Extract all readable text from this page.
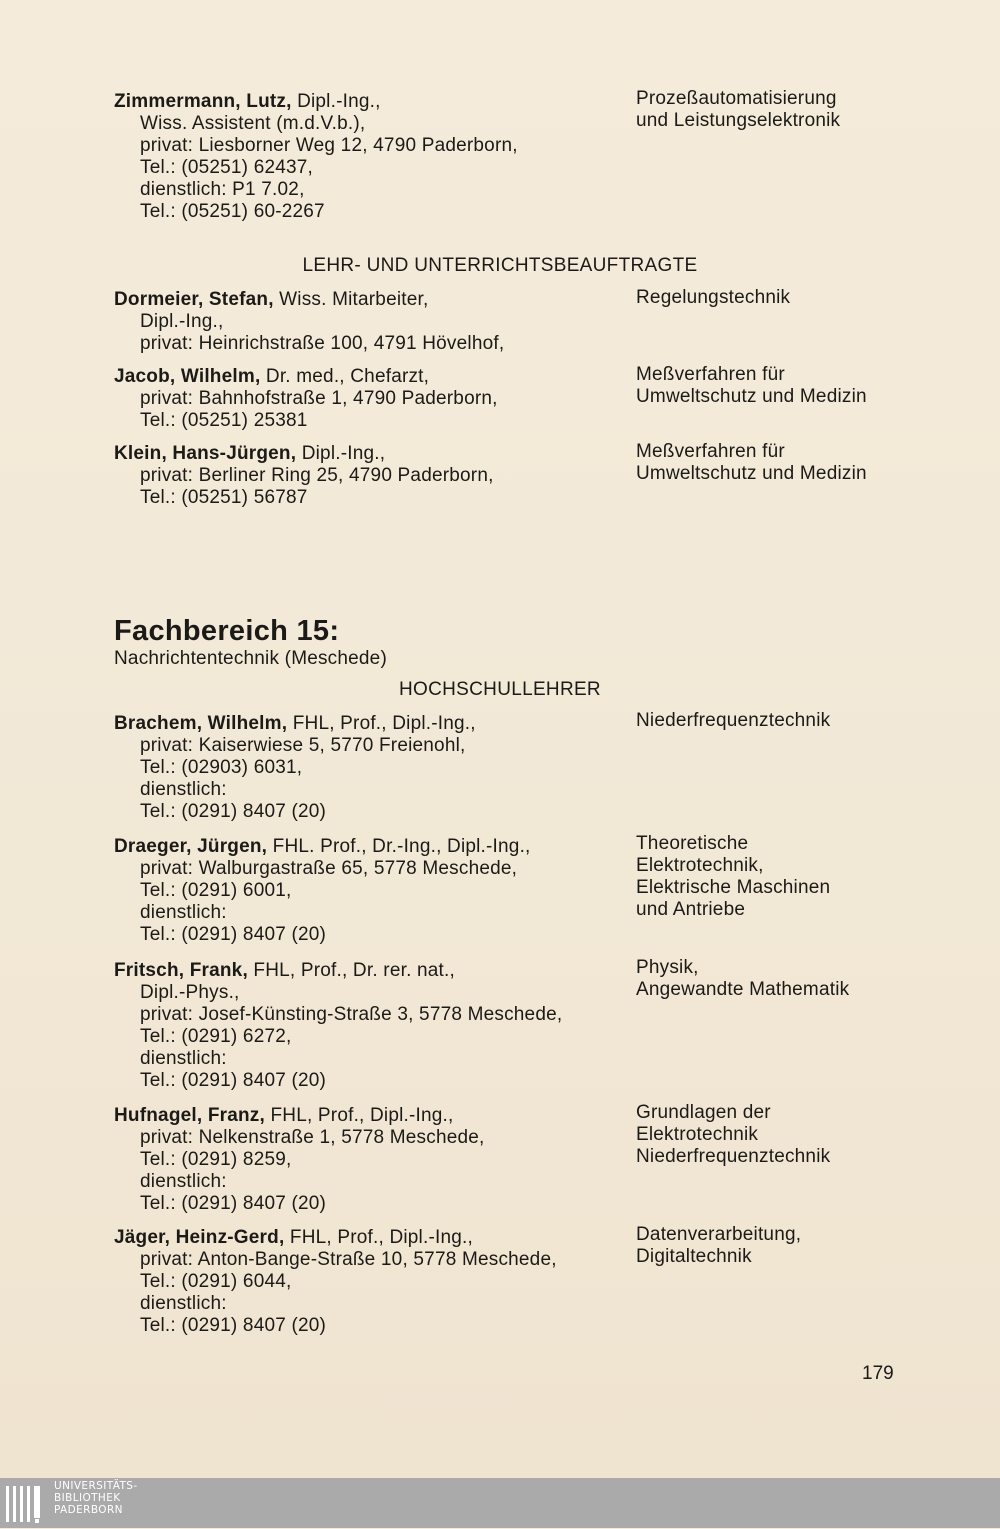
Zimmermann, Lutz, Dipl.-Ing.,
Wiss. Assistent (m.d.V.b.),
privat: Liesborner Weg 12, 4790 Paderborn,
Tel.: (05251) 62437,
dienstlich: P1 7.02,
Tel.: (05251) 60-2267
Prozeßautomatisierung
und Leistungselektronik
LEHR- UND UNTERRICHTSBEAUFTRAGTE
Dormeier, Stefan, Wiss. Mitarbeiter,
Dipl.-Ing.,
privat: Heinrichstraße 100, 4791 Hövelhof,
Regelungstechnik
Jacob, Wilhelm, Dr. med., Chefarzt,
privat: Bahnhofstraße 1, 4790 Paderborn,
Tel.: (05251) 25381
Meßverfahren für
Umweltschutz und Medizin
Klein, Hans-Jürgen, Dipl.-Ing.,
privat: Berliner Ring 25, 4790 Paderborn,
Tel.: (05251) 56787
Meßverfahren für
Umweltschutz und Medizin
Fachbereich 15:
Nachrichtentechnik (Meschede)
HOCHSCHULLEHRER
Brachem, Wilhelm, FHL, Prof., Dipl.-Ing.,
privat: Kaiserwiese 5, 5770 Freienohl,
Tel.: (02903) 6031,
dienstlich:
Tel.: (0291) 8407 (20)
Niederfrequenztechnik
Draeger, Jürgen, FHL. Prof., Dr.-Ing., Dipl.-Ing.,
privat: Walburgastraße 65, 5778 Meschede,
Tel.: (0291) 6001,
dienstlich:
Tel.: (0291) 8407 (20)
Theoretische
Elektrotechnik,
Elektrische Maschinen
und Antriebe
Fritsch, Frank, FHL, Prof., Dr. rer. nat.,
Dipl.-Phys.,
privat: Josef-Künsting-Straße 3, 5778 Meschede,
Tel.: (0291) 6272,
dienstlich:
Tel.: (0291) 8407 (20)
Physik,
Angewandte Mathematik
Hufnagel, Franz, FHL, Prof., Dipl.-Ing.,
privat: Nelkenstraße 1, 5778 Meschede,
Tel.: (0291) 8259,
dienstlich:
Tel.: (0291) 8407 (20)
Grundlagen der
Elektrotechnik
Niederfrequenztechnik
Jäger, Heinz-Gerd, FHL, Prof., Dipl.-Ing.,
privat: Anton-Bange-Straße 10, 5778 Meschede,
Tel.: (0291) 6044,
dienstlich:
Tel.: (0291) 8407 (20)
Datenverarbeitung,
Digitaltechnik
179
UNIVERSITÄTS-
BIBLIOTHEK
PADERBORN
